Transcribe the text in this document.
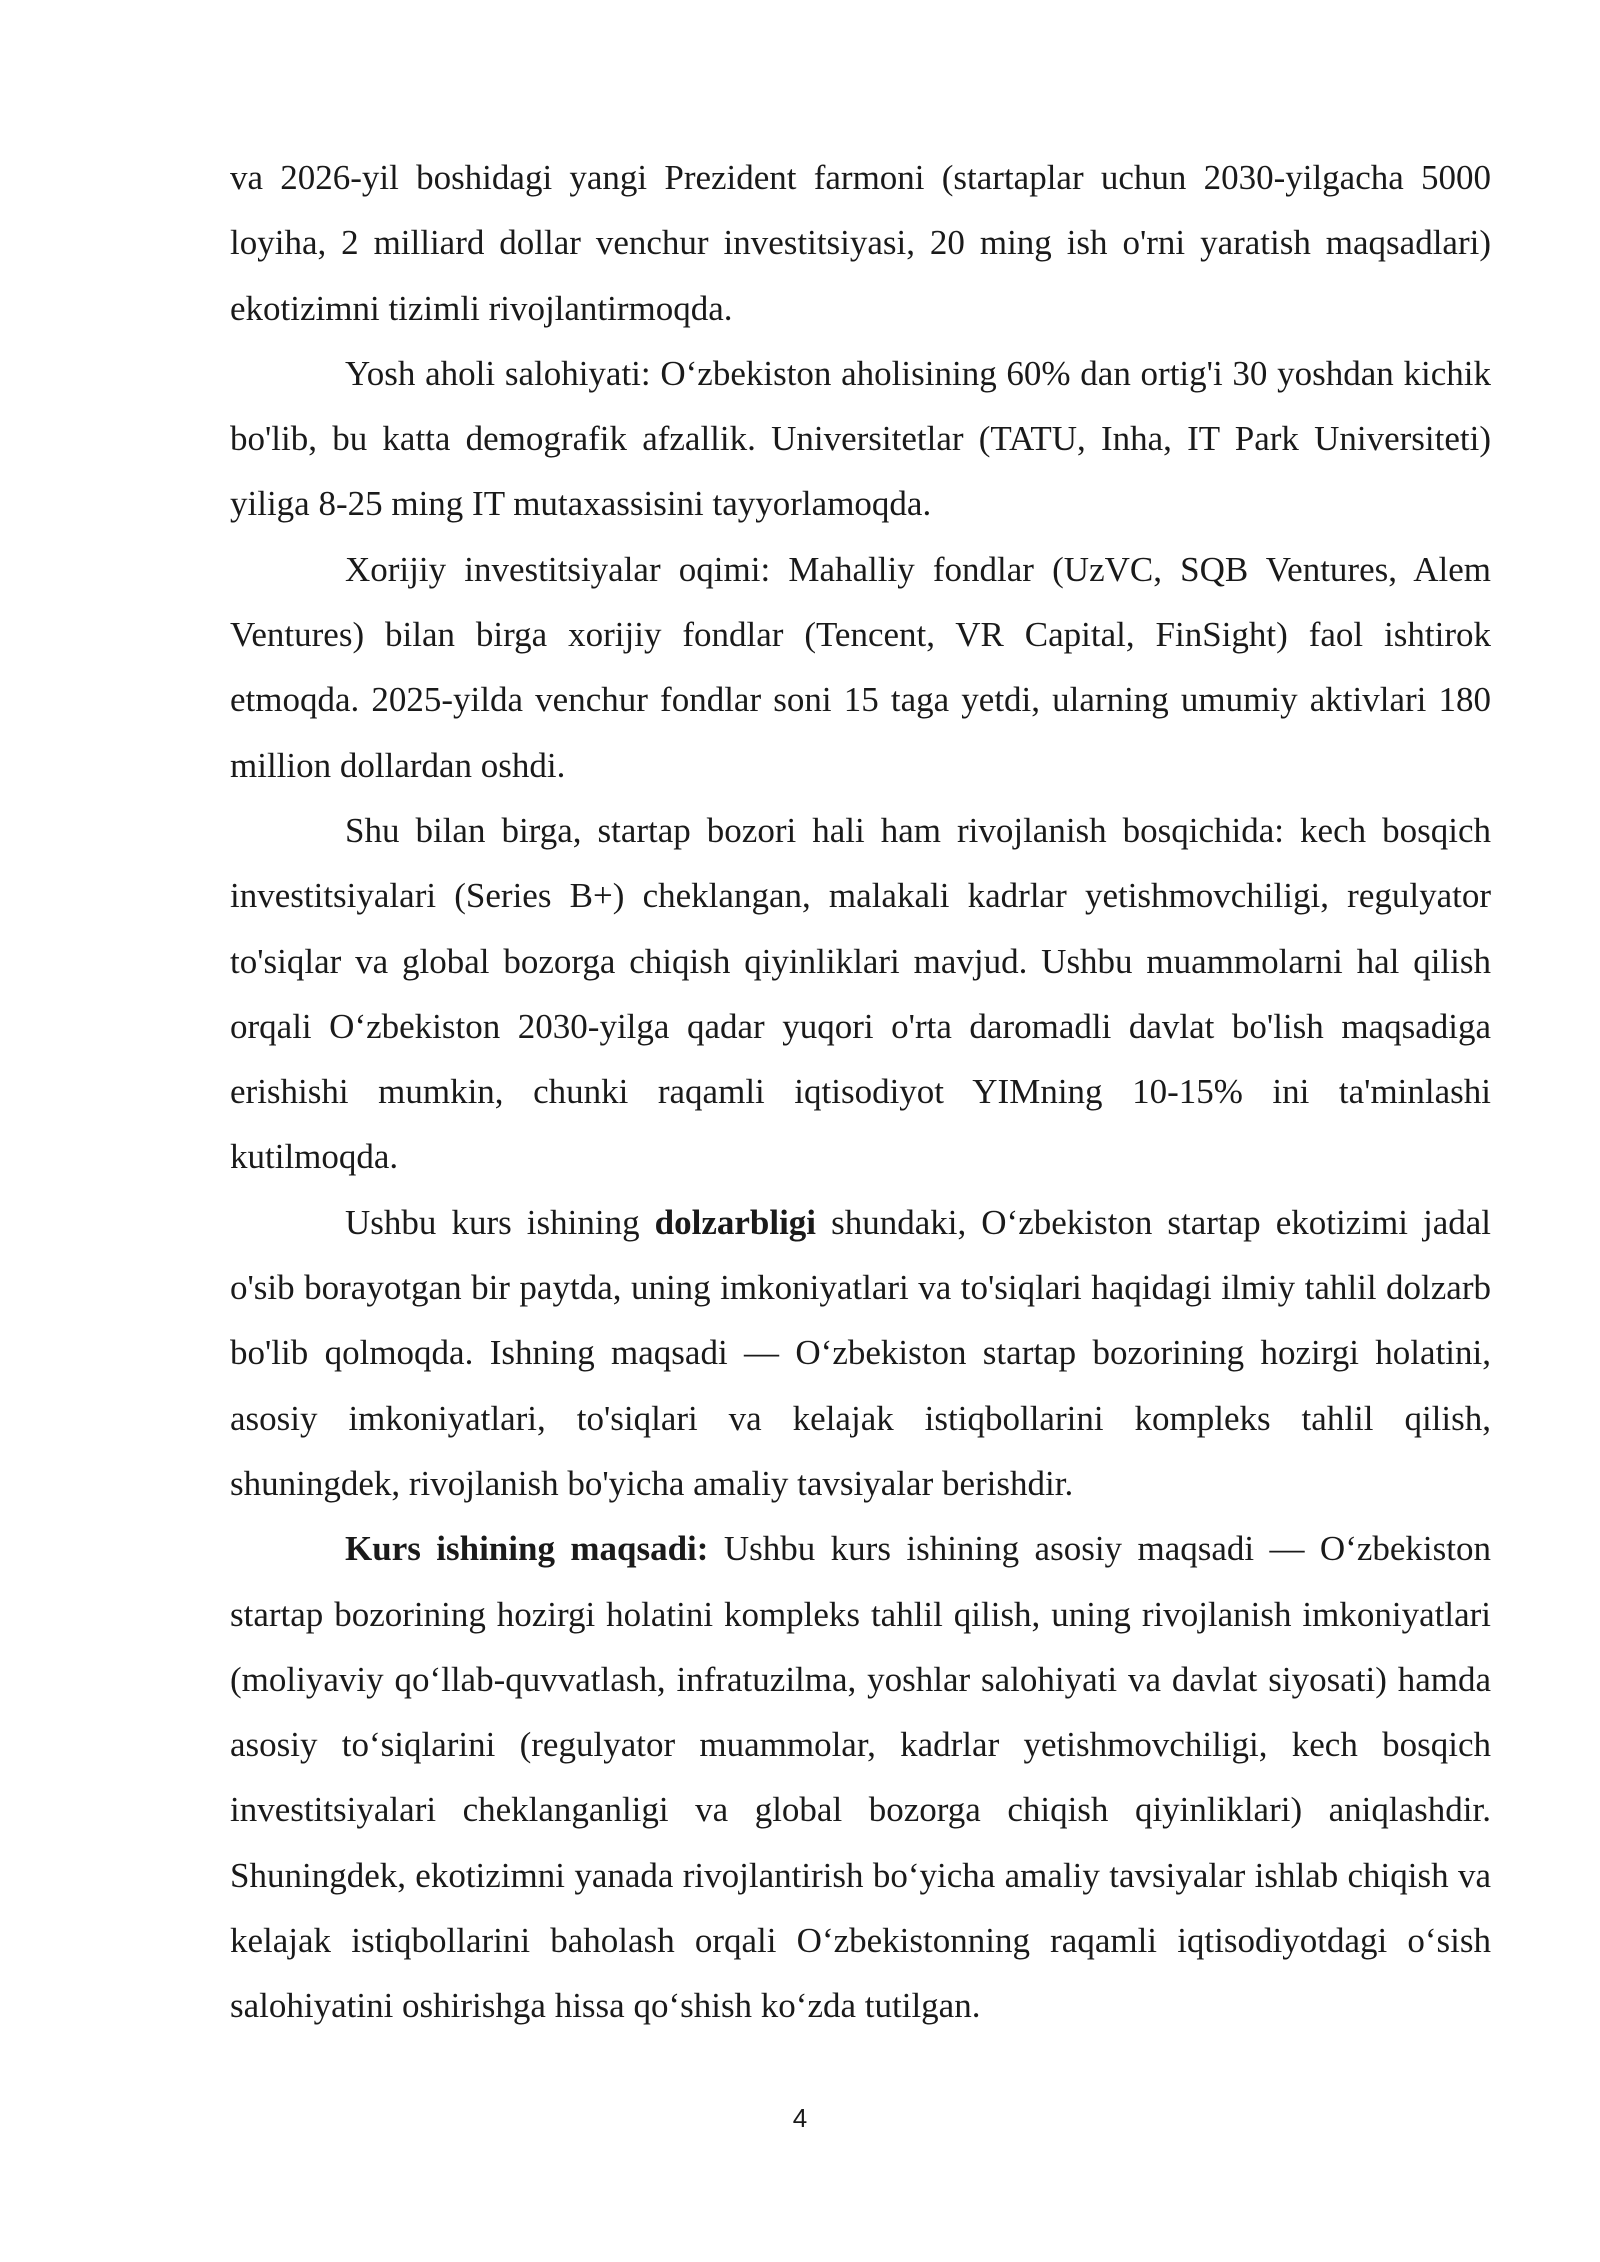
va 2026-yil boshidagi yangi Prezident farmoni (startaplar uchun 2030-yilgacha 5000 loyiha, 2 milliard dollar venchur investitsiyasi, 20 ming ish o'rni yaratish maqsadlari) ekotizimni tizimli rivojlantirmoqda.

Yosh aholi salohiyati: O‘zbekiston aholisining 60% dan ortig'i 30 yoshdan kichik bo'lib, bu katta demografik afzallik. Universitetlar (TATU, Inha, IT Park Universiteti) yiliga 8-25 ming IT mutaxassisini tayyorlamoqda.

Xorijiy investitsiyalar oqimi: Mahalliy fondlar (UzVC, SQB Ventures, Alem Ventures) bilan birga xorijiy fondlar (Tencent, VR Capital, FinSight) faol ishtirok etmoqda. 2025-yilda venchur fondlar soni 15 taga yetdi, ularning umumiy aktivlari 180 million dollardan oshdi.

Shu bilan birga, startap bozori hali ham rivojlanish bosqichida: kech bosqich investitsiyalari (Series B+) cheklangan, malakali kadrlar yetishmovchiligi, regulyator to'siqlar va global bozorga chiqish qiyinliklari mavjud. Ushbu muammolarni hal qilish orqali O‘zbekiston 2030-yilga qadar yuqori o'rta daromadli davlat bo'lish maqsadiga erishishi mumkin, chunki raqamli iqtisodiyot YIMning 10-15% ini ta'minlashi kutilmoqda.

Ushbu kurs ishining dolzarbligi shundaki, O‘zbekiston startap ekotizimi jadal o'sib borayotgan bir paytda, uning imkoniyatlari va to'siqlari haqidagi ilmiy tahlil dolzarb bo'lib qolmoqda. Ishning maqsadi — O‘zbekiston startap bozorining hozirgi holatini, asosiy imkoniyatlari, to'siqlari va kelajak istiqbollarini kompleks tahlil qilish, shuningdek, rivojlanish bo'yicha amaliy tavsiyalar berishdir.

Kurs ishining maqsadi: Ushbu kurs ishining asosiy maqsadi — O‘zbekiston startap bozorining hozirgi holatini kompleks tahlil qilish, uning rivojlanish imkoniyatlari (moliyaviy qo‘llab-quvvatlash, infratuzilma, yoshlar salohiyati va davlat siyosati) hamda asosiy to‘siqlarini (regulyator muammolar, kadrlar yetishmovchiligi, kech bosqich investitsiyalari cheklanganligi va global bozorga chiqish qiyinliklari) aniqlashdir. Shuningdek, ekotizimni yanada rivojlantirish bo‘yicha amaliy tavsiyalar ishlab chiqish va kelajak istiqbollarini baholash orqali O‘zbekistonning raqamli iqtisodiyotdagi o‘sish salohiyatini oshirishga hissa qo‘shish ko‘zda tutilgan.

4
